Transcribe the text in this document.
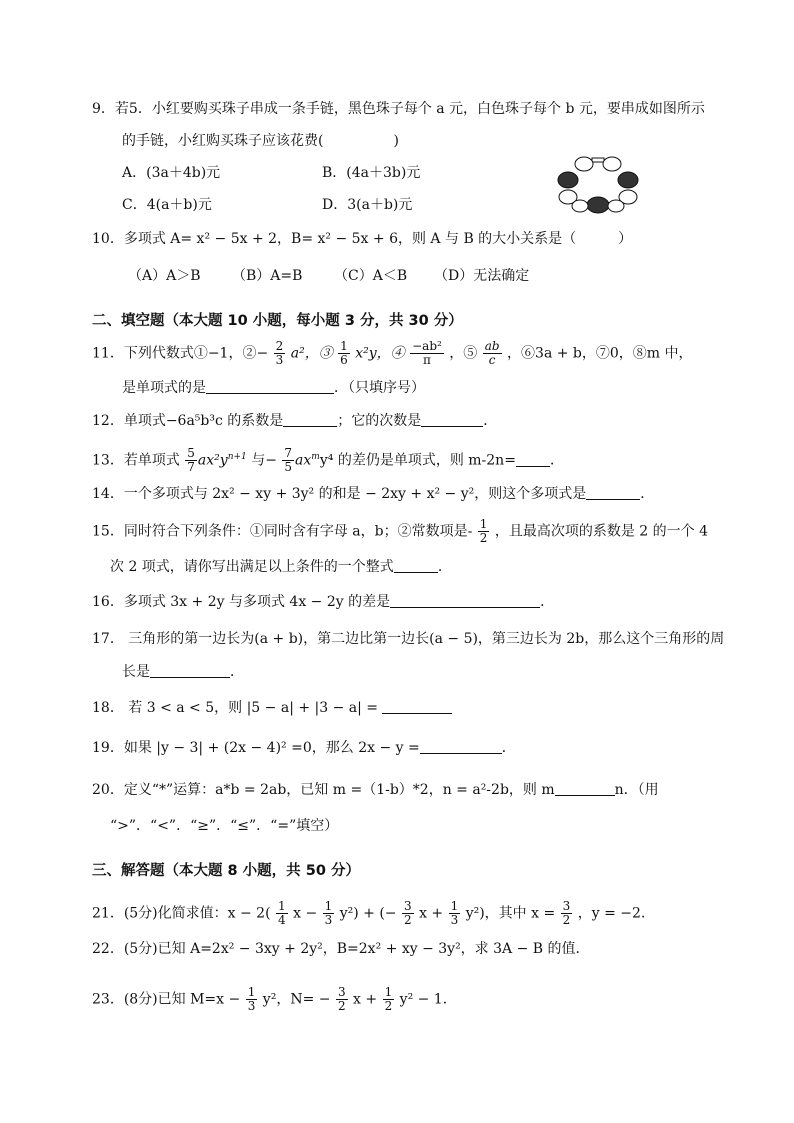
9．若5．小红要购买珠子串成一条手链，黑色珠子每个 a 元，白色珠子每个 b 元，要串成如图所示
的手链，小红购买珠子应该花费(　　　　　)
A．(3a＋4b)元	B．(4a＋3b)元
C．4(a＋b)元	D．3(a＋b)元
10．多项式 A= x² − 5x + 2，B= x² − 5x + 6，则 A 与 B 的大小关系是（　　　）
（A）A＞B （B）A=B （C）A＜B （D）无法确定
二、填空题（本大题 10 小题，每小题 3 分，共 30 分）
11．下列代数式①−1，②− $\frac{2}{3} a^2$，③ $\frac{1}{6} x^2y$，④ $\frac{\text{−ab²}}{\pi}$ ，⑤ $\frac{ab}{c}$ ，⑥3a + b，⑦0，⑧m 中，
是单项式的是	．（只填序号）
12．单项式−6a⁵b³c 的系数是	；它的次数是	．
13．若单项式 $\frac{5}{7} ax^2y^{n+1}$ 与− $\frac{7}{5} ax^my^4$ 的差仍是单项式，则 m-2n= ．
14．一个多项式与 2x² − xy + 3y² 的和是 − 2xy + x² − y²，则这个多项式是	．
15．同时符合下列条件：①同时含有字母 a，b；②常数项是- $\frac{1}{2}$ ，且最高次项的系数是 2 的一个 4
次 2 项式，请你写出满足以上条件的一个整式	．
16．多项式 3x + 2y 与多项式 4x − 2y 的差是	．
17． 三角形的第一边长为(a + b)，第二边比第一边长(a − 5)，第三边长为 2b，那么这个三角形的周
长是	．
18． 若 3 < a < 5，则 |5 − a| + |3 − a| =
19．如果 |y − 3| + (2x − 4)² =0，那么 2x − y =	．
20．定义“*”运算：a*b = 2ab，已知 m =（1-b）*2，n = a²-2b，则 m	n．（用
“>”．“<”．“≥”．“≤”．“=”填空）
三、解答题（本大题 8 小题，共 50 分）
21．(5分)化简求值：$x - 2( \frac{1}{4}$ $x - \frac{1}{3} y^2$) + (− $\frac{3}{2}$ $x + \frac{1}{3} y^2$)，其中 $x = \frac{3}{2}$ ，y = −2．
22．(5分)已知 A=2x² − 3xy + 2y²，B=2x² + xy − 3y²，求 3A − B 的值．
23．(8分)已知 $M=x - \frac{1}{3} y^2$，$N= - \frac{3}{2}$ $x + \frac{1}{2} y^2 - 1$．
